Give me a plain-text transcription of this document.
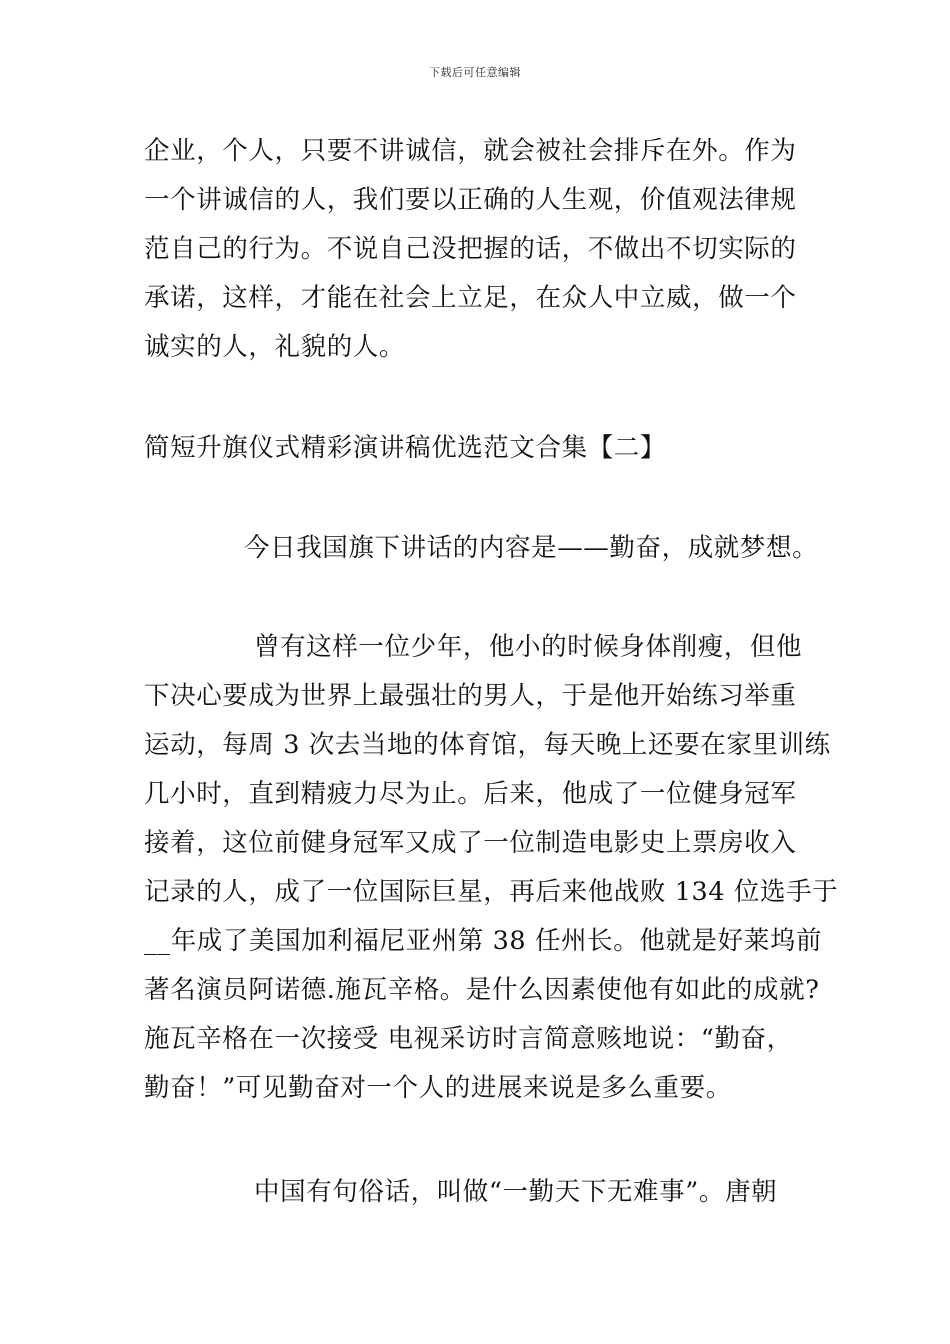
下载后可任意编辑
企业，个人，只要不讲诚信，就会被社会排斥在外。作为
一个讲诚信的人，我们要以正确的人生观，价值观法律规
范自己的行为。不说自己没把握的话，不做出不切实际的
承诺，这样，才能在社会上立足，在众人中立威，做一个
诚实的人，礼貌的人。
简短升旗仪式精彩演讲稿优选范文合集【二】
今日我国旗下讲话的内容是——勤奋，成就梦想。
曾有这样一位少年，他小的时候身体削瘦，但他
下决心要成为世界上最强壮的男人，于是他开始练习举重
运动，每周 3 次去当地的体育馆，每天晚上还要在家里训练
几小时，直到精疲力尽为止。后来，他成了一位健身冠军
接着，这位前健身冠军又成了一位制造电影史上票房收入
记录的人，成了一位国际巨星，再后来他战败 134 位选手于
__年成了美国加利福尼亚州第 38 任州长。他就是好莱坞前
著名演员阿诺德.施瓦辛格。是什么因素使他有如此的成就?
施瓦辛格在一次接受 电视采访时言简意赅地说：“勤奋，
勤奋！”可见勤奋对一个人的进展来说是多么重要。
中国有句俗话，叫做“一勤天下无难事”。唐朝
